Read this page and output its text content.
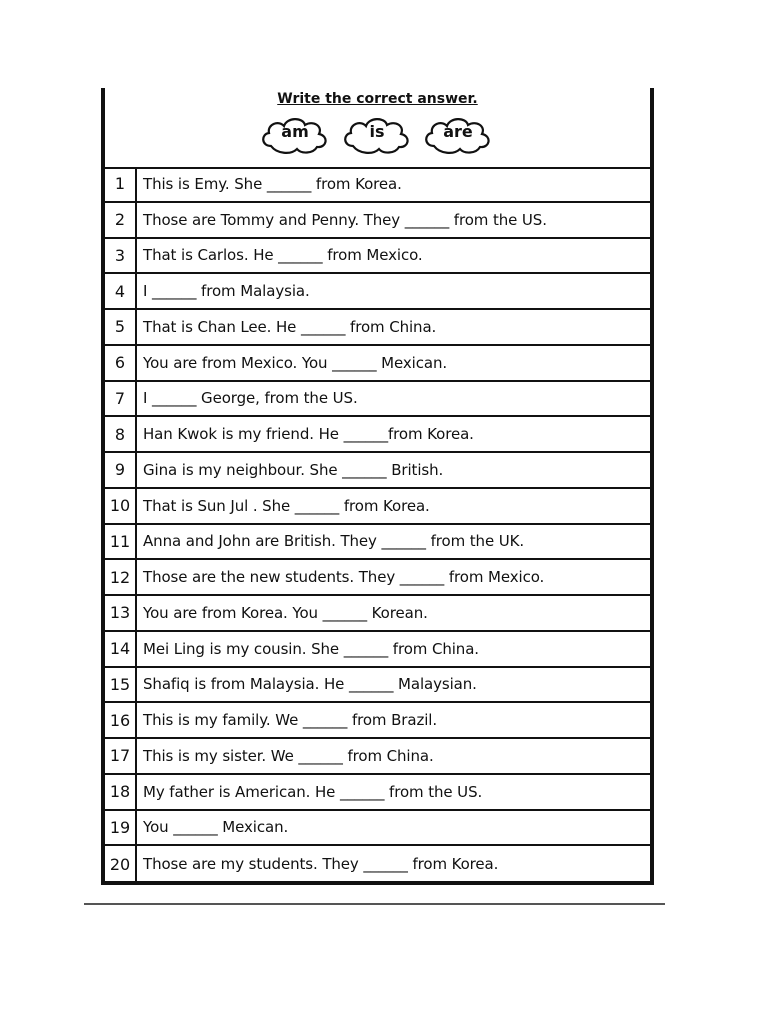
Write the correct answer.
am	is	are
1	This is Emy. She ______ from Korea.
2	Those are Tommy and Penny. They ______ from the US.
3	That is Carlos. He ______ from Mexico.
4	I ______ from Malaysia.
5	That is Chan Lee. He ______ from China.
6	You are from Mexico. You ______ Mexican.
7	I ______ George, from the US.
8	Han Kwok is my friend. He ______from Korea.
9	Gina is my neighbour. She ______ British.
10 That is Sun Jul . She ______ from Korea.
11 Anna and John are British. They ______ from the UK.
12 Those are the new students. They ______ from Mexico.
13 You are from Korea. You ______ Korean.
14 Mei Ling is my cousin. She ______ from China.
15 Shafiq is from Malaysia. He ______ Malaysian.
16 This is my family. We ______ from Brazil.
17 This is my sister. We ______ from China.
18 My father is American. He ______ from the US.
19 You ______ Mexican.
20 Those are my students. They ______ from Korea.
